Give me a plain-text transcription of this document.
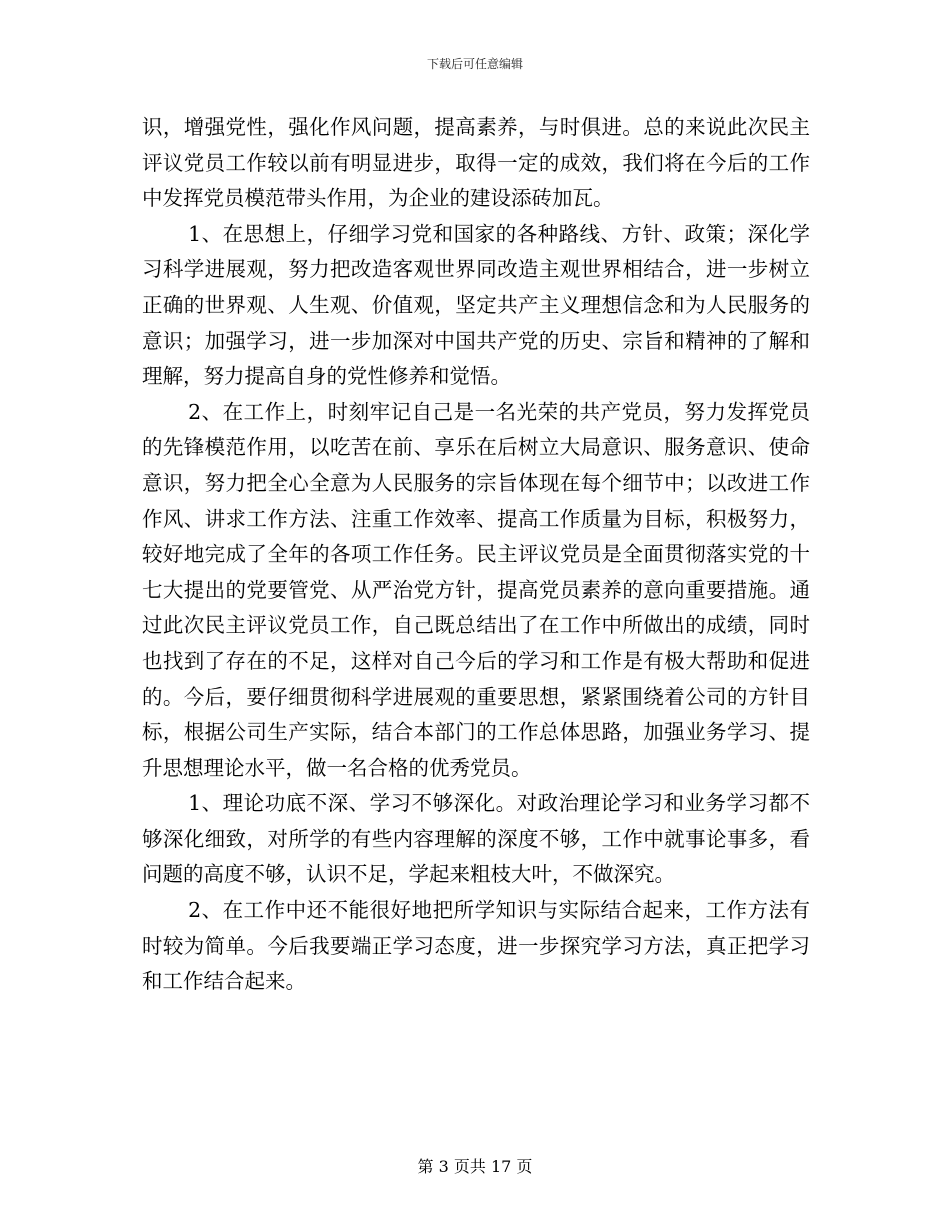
下载后可任意编辑

识，增强党性，强化作风问题，提高素养，与时俱进。总的来说此次民主评议党员工作较以前有明显进步，取得一定的成效，我们将在今后的工作中发挥党员模范带头作用，为企业的建设添砖加瓦。

1、在思想上，仔细学习党和国家的各种路线、方针、政策；深化学习科学进展观，努力把改造客观世界同改造主观世界相结合，进一步树立正确的世界观、人生观、价值观，坚定共产主义理想信念和为人民服务的意识；加强学习，进一步加深对中国共产党的历史、宗旨和精神的了解和理解，努力提高自身的党性修养和觉悟。

2、在工作上，时刻牢记自己是一名光荣的共产党员，努力发挥党员的先锋模范作用，以吃苦在前、享乐在后树立大局意识、服务意识、使命意识，努力把全心全意为人民服务的宗旨体现在每个细节中；以改进工作作风、讲求工作方法、注重工作效率、提高工作质量为目标，积极努力，较好地完成了全年的各项工作任务。民主评议党员是全面贯彻落实党的十七大提出的党要管党、从严治党方针，提高党员素养的意向重要措施。通过此次民主评议党员工作，自己既总结出了在工作中所做出的成绩，同时也找到了存在的不足，这样对自己今后的学习和工作是有极大帮助和促进的。今后，要仔细贯彻科学进展观的重要思想，紧紧围绕着公司的方针目标，根据公司生产实际，结合本部门的工作总体思路，加强业务学习、提升思想理论水平，做一名合格的优秀党员。

1、理论功底不深、学习不够深化。对政治理论学习和业务学习都不够深化细致，对所学的有些内容理解的深度不够，工作中就事论事多，看问题的高度不够，认识不足，学起来粗枝大叶，不做深究。

2、在工作中还不能很好地把所学知识与实际结合起来，工作方法有时较为简单。今后我要端正学习态度，进一步探究学习方法，真正把学习和工作结合起来。

第 3 页共 17 页
